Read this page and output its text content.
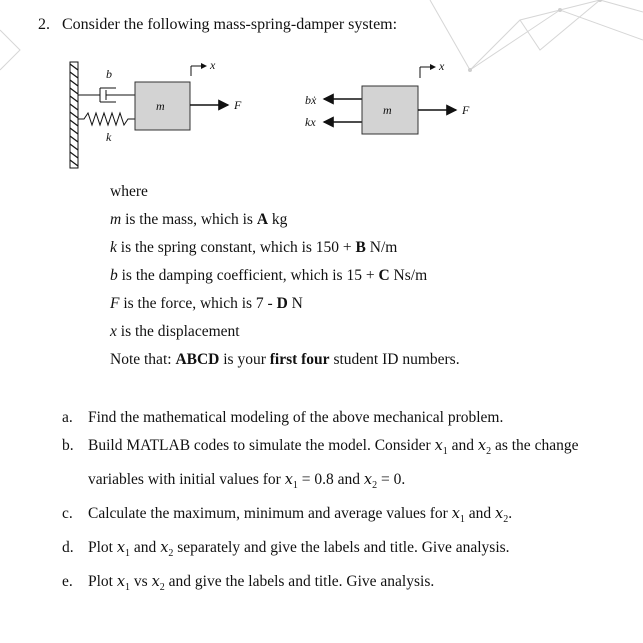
2. Consider the following mass-spring-damper system:
b
k
m	F
x
bẋ
kx
m	F
x
where
m is the mass, which is A kg
k is the spring constant, which is 150 + B N/m
b is the damping coefficient, which is 15 + C Ns/m
F is the force, which is 7 - D N
x is the displacement
Note that: ABCD is your first four student ID numbers.
a. Find the mathematical modeling of the above mechanical problem.
b. Build MATLAB codes to simulate the model. Consider $x_1$ and $x_2$ as the change
variables with initial values for $x_1 = 0.8$ and $x_2 = 0$.
c. Calculate the maximum, minimum and average values for $x_1$ and $x_2$.
d. Plot $x_1$ and $x_2$ separately and give the labels and title. Give analysis.
e. Plot $x_1$ vs $x_2$ and give the labels and title. Give analysis.
